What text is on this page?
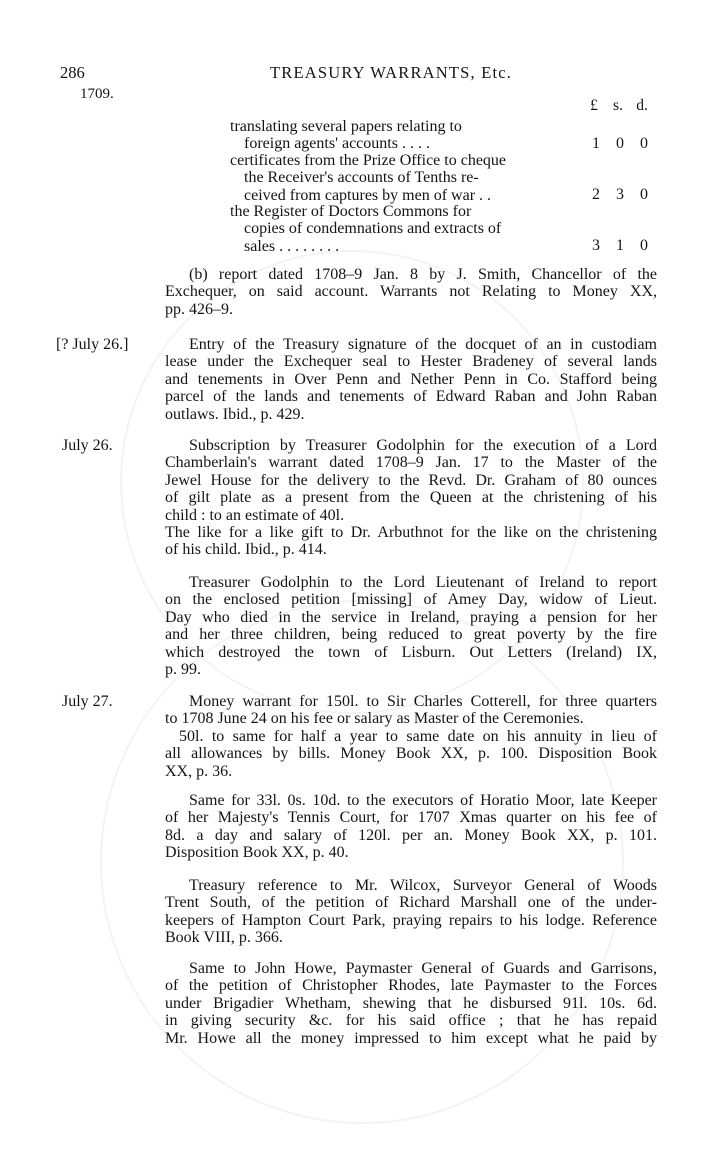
286
1709.
TREASURY WARRANTS, Etc.
£ s. d.
translating several papers relating to
foreign agents' accounts . . . .	1 0 0
certificates from the Prize Office to cheque
the Receiver's accounts of Tenths re-
ceived from captures by men of war . .	2 3 0
the Register of Doctors Commons for
copies of condemnations and extracts of
sales . . . . . . . .	3 1 0
(b) report dated 1708–9 Jan. 8 by J. Smith, Chancellor of the
Exchequer, on said account. Warrants not Relating to Money XX,
pp. 426–9.
[? July 26.]	Entry of the Treasury signature of the docquet of an in custodiam
lease under the Exchequer seal to Hester Bradeney of several lands
and tenements in Over Penn and Nether Penn in Co. Stafford being
parcel of the lands and tenements of Edward Raban and John Raban
outlaws. Ibid., p. 429.
July 26.	Subscription by Treasurer Godolphin for the execution of a Lord
Chamberlain's warrant dated 1708–9 Jan. 17 to the Master of the
Jewel House for the delivery to the Revd. Dr. Graham of 80 ounces
of gilt plate as a present from the Queen at the christening of his
child : to an estimate of 40l.
The like for a like gift to Dr. Arbuthnot for the like on the christening
of his child. Ibid., p. 414.
Treasurer Godolphin to the Lord Lieutenant of Ireland to report
on the enclosed petition [missing] of Amey Day, widow of Lieut.
Day who died in the service in Ireland, praying a pension for her
and her three children, being reduced to great poverty by the fire
which destroyed the town of Lisburn. Out Letters (Ireland) IX,
p. 99.
July 27.	Money warrant for 150l. to Sir Charles Cotterell, for three quarters
to 1708 June 24 on his fee or salary as Master of the Ceremonies.
50l. to same for half a year to same date on his annuity in lieu of
all allowances by bills. Money Book XX, p. 100. Disposition Book
XX, p. 36.
Same for 33l. 0s. 10d. to the executors of Horatio Moor, late Keeper
of her Majesty's Tennis Court, for 1707 Xmas quarter on his fee of
8d. a day and salary of 120l. per an. Money Book XX, p. 101.
Disposition Book XX, p. 40.
Treasury reference to Mr. Wilcox, Surveyor General of Woods
Trent South, of the petition of Richard Marshall one of the under-
keepers of Hampton Court Park, praying repairs to his lodge. Reference
Book VIII, p. 366.
Same to John Howe, Paymaster General of Guards and Garrisons,
of the petition of Christopher Rhodes, late Paymaster to the Forces
under Brigadier Whetham, shewing that he disbursed 91l. 10s. 6d.
in giving security &c. for his said office ; that he has repaid
Mr. Howe all the money impressed to him except what he paid by
